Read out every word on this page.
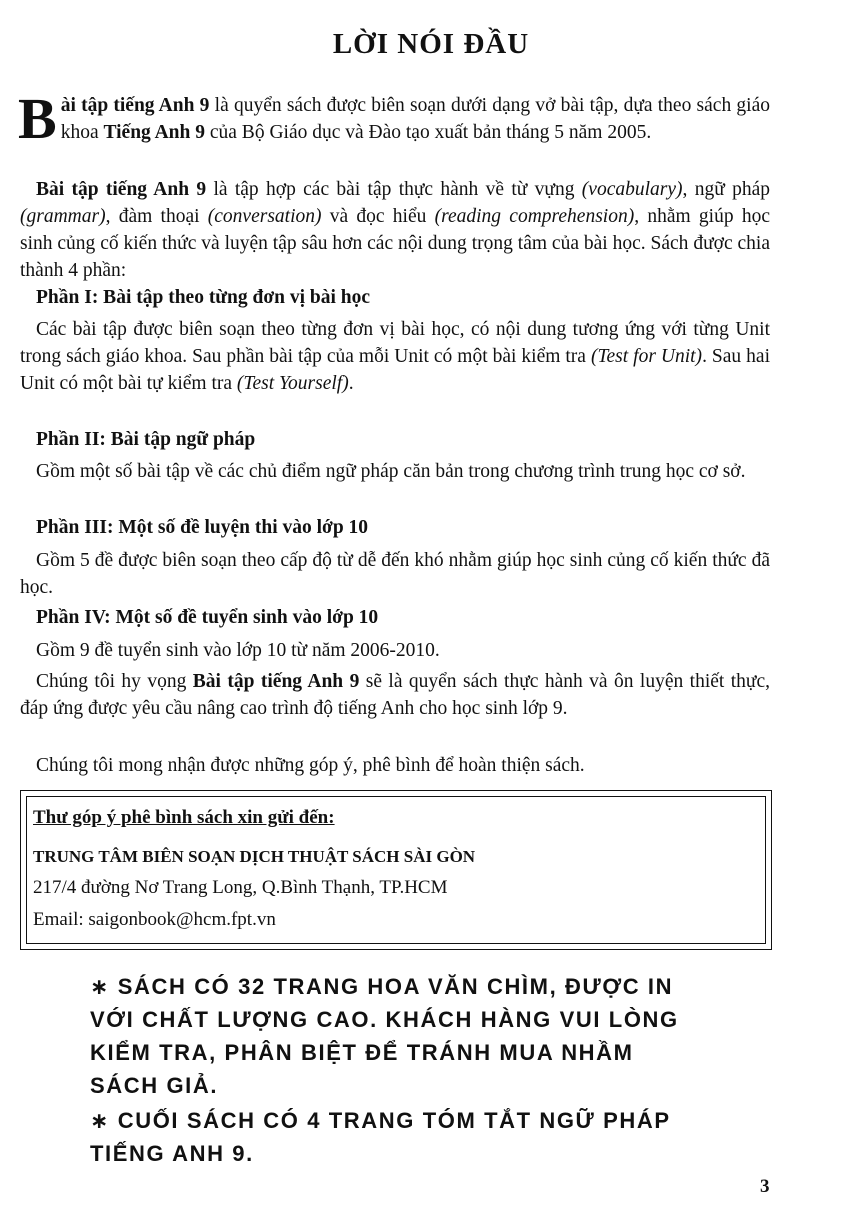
LỜI NÓI ĐẦU

Bài tập tiếng Anh 9 là quyển sách được biên soạn dưới dạng vở bài tập, dựa theo sách giáo khoa Tiếng Anh 9 của Bộ Giáo dục và Đào tạo xuất bản tháng 5 năm 2005.

Bài tập tiếng Anh 9 là tập hợp các bài tập thực hành về từ vựng (vocabulary), ngữ pháp (grammar), đàm thoại (conversation) và đọc hiểu (reading comprehension), nhằm giúp học sinh củng cố kiến thức và luyện tập sâu hơn các nội dung trọng tâm của bài học. Sách được chia thành 4 phần:

Phần I: Bài tập theo từng đơn vị bài học

Các bài tập được biên soạn theo từng đơn vị bài học, có nội dung tương ứng với từng Unit trong sách giáo khoa. Sau phần bài tập của mỗi Unit có một bài kiểm tra (Test for Unit). Sau hai Unit có một bài tự kiểm tra (Test Yourself).

Phần II: Bài tập ngữ pháp

Gồm một số bài tập về các chủ điểm ngữ pháp căn bản trong chương trình trung học cơ sở.

Phần III: Một số đề luyện thi vào lớp 10

Gồm 5 đề được biên soạn theo cấp độ từ dễ đến khó nhằm giúp học sinh củng cố kiến thức đã học.

Phần IV: Một số đề tuyển sinh vào lớp 10

Gồm 9 đề tuyển sinh vào lớp 10 từ năm 2006-2010.

Chúng tôi hy vọng Bài tập tiếng Anh 9 sẽ là quyển sách thực hành và ôn luyện thiết thực, đáp ứng được yêu cầu nâng cao trình độ tiếng Anh cho học sinh lớp 9.

Chúng tôi mong nhận được những góp ý, phê bình để hoàn thiện sách.

Thư góp ý phê bình sách xin gửi đến:

TRUNG TÂM BIÊN SOẠN DỊCH THUẬT SÁCH SÀI GÒN

217/4 đường Nơ Trang Long, Q.Bình Thạnh, TP.HCM

Email: saigonbook@hcm.fpt.vn

∗ SÁCH CÓ 32 TRANG HOA VĂN CHÌM, ĐƯỢC IN VỚI CHẤT LƯỢNG CAO. KHÁCH HÀNG VUI LÒNG KIỂM TRA, PHÂN BIỆT ĐỂ TRÁNH MUA NHẦM SÁCH GIẢ.

∗ CUỐI SÁCH CÓ 4 TRANG TÓM TẮT NGỮ PHÁP TIẾNG ANH 9.

3
